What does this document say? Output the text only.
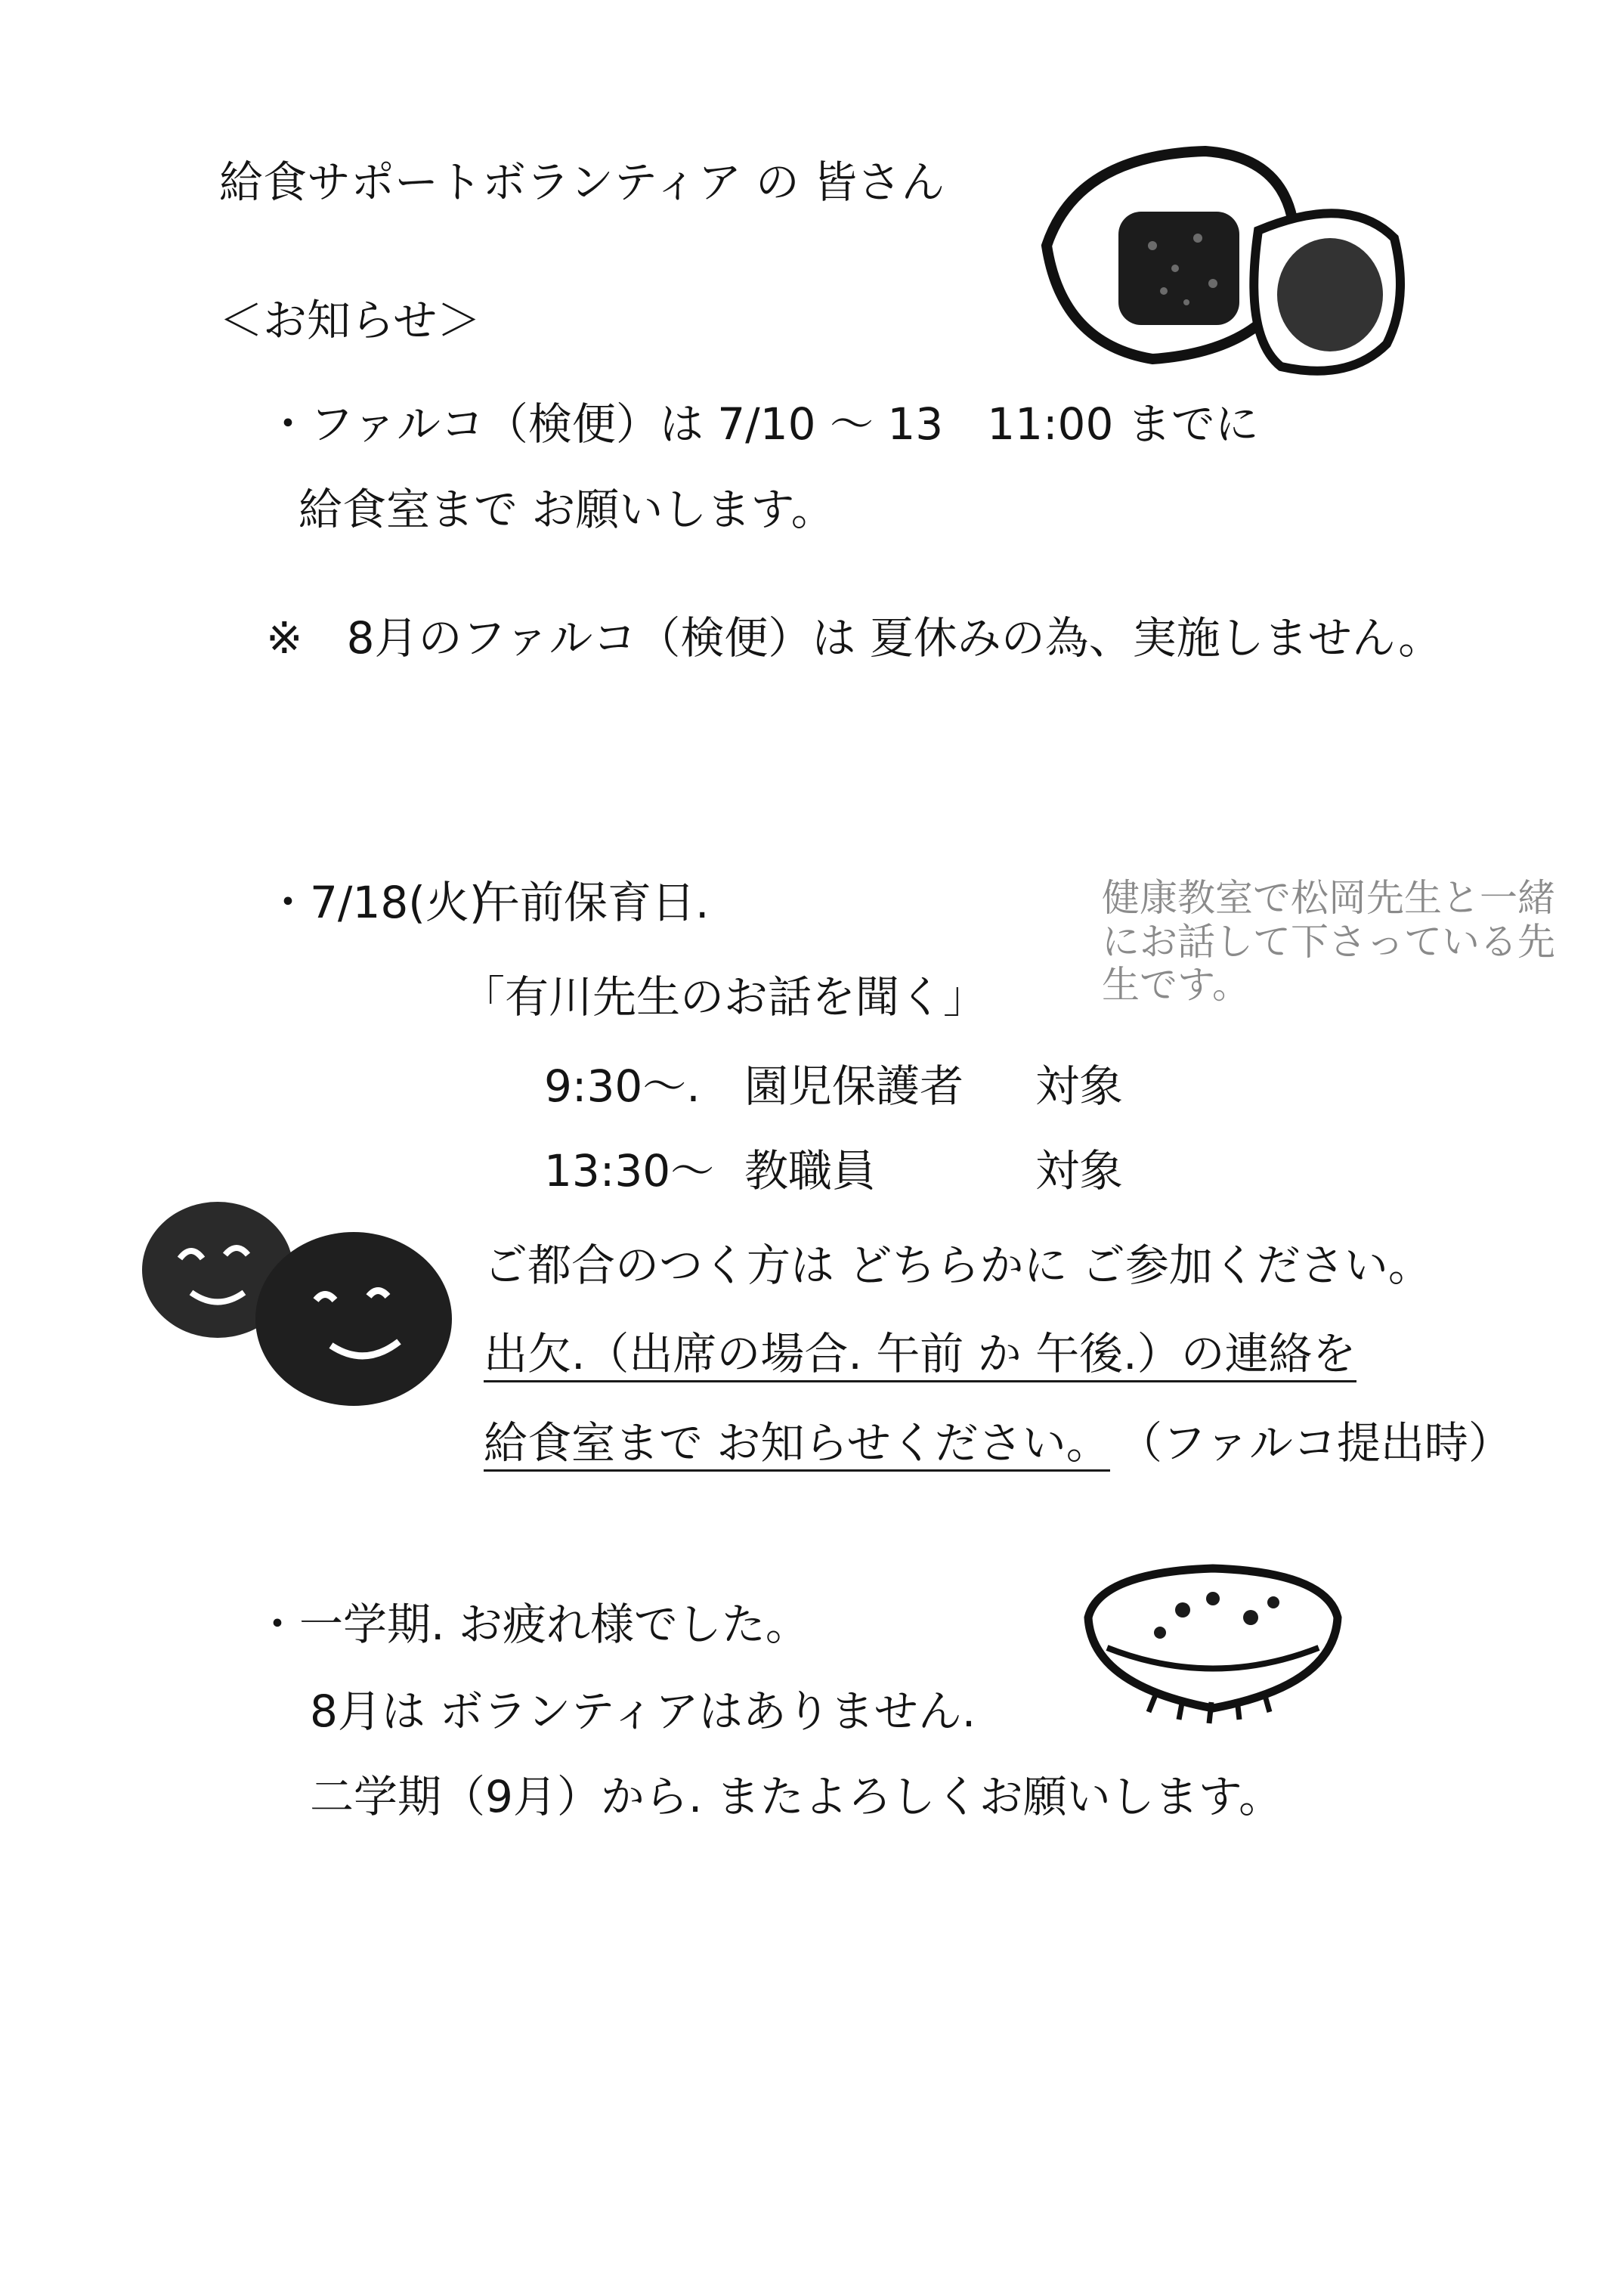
給食サポートボランティア の 皆さん
＜お知らせ＞
・ファルコ（検便）は 7/10 〜 13　11:00 までに
給食室まで お願いします。
※　8月のファルコ（検便）は 夏休みの為、実施しません。
・7/18(火)
午前保育日.
「有川先生のお話を聞く」
9:30〜. 園児保護者 対象
13:30〜 教職員	対象
ご都合のつく方は どちらかに ご参加ください。
出欠.（出席の場合. 午前 か 午後.）の連絡を
給食室まで お知らせください。 （ファルコ提出時）
健康教室で松岡先生と一緒にお話して下さっている先生です。
・一学期. お疲れ様でした。
8月は ボランティアはありません.
二学期（9月）から. またよろしくお願いします。
